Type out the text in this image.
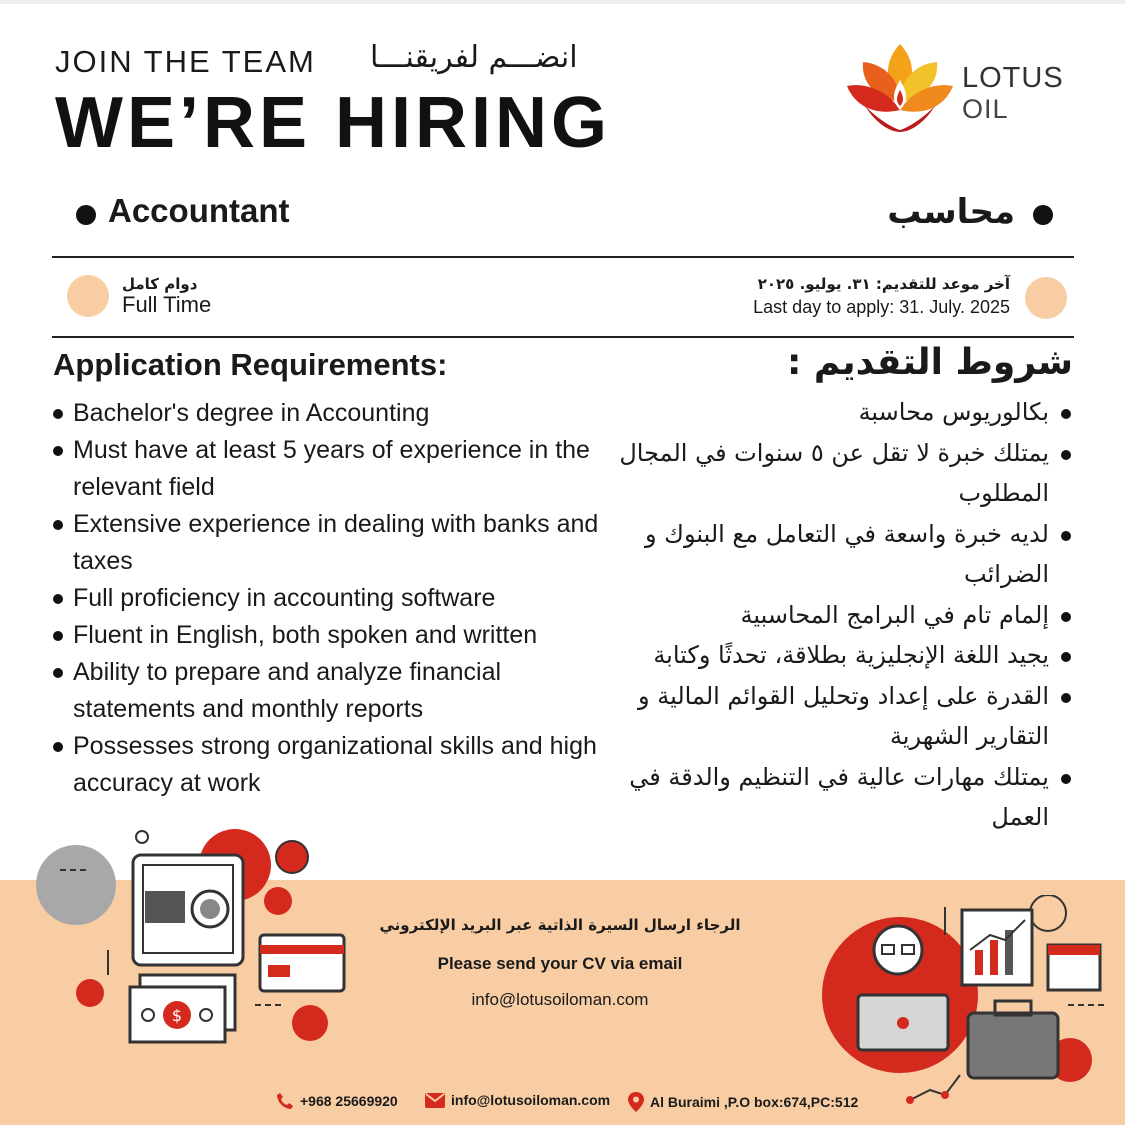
JOIN THE TEAM انضـــم لفريقنـــا
WE’RE HIRING
LOTUS
OIL
Accountant	محاسب
دوام كامل
Full Time
آخر موعد للتقديم: ٣١. يوليو. ٢٠٢٥
Last day to apply: 31. July. 2025
Application Requirements:	شروط التقديم :
Bachelor's degree in Accounting
Must have at least 5 years of experience in the relevant field
Extensive experience in dealing with banks and taxes
Full proficiency in accounting software
Fluent in English, both spoken and written
Ability to prepare and analyze financial statements and monthly reports
Possesses strong organizational skills and high accuracy at work
بكالوريوس محاسبة
يمتلك خبرة لا تقل عن ٥ سنوات في المجال المطلوب
لديه خبرة واسعة في التعامل مع البنوك و الضرائب
إلمام تام في البرامج المحاسبية
يجيد اللغة الإنجليزية بطلاقة، تحدثًا وكتابة
القدرة على إعداد وتحليل القوائم المالية و التقارير الشهرية
يمتلك مهارات عالية في التنظيم والدقة في العمل
$
الرجاء ارسال السيرة الذاتية عبر البريد الإلكتروني
Please send your CV via email
info@lotusoiloman.com
+968 25669920	info@lotusoiloman.com	Al Buraimi ,P.O box:674,PC:512
